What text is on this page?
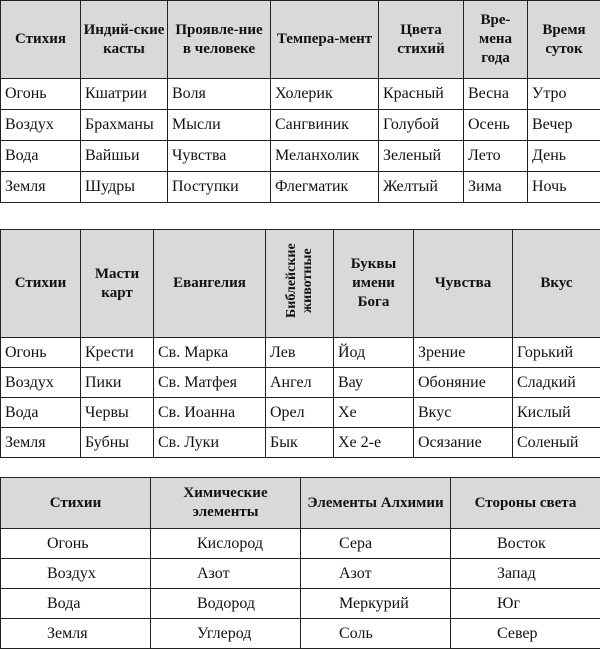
Стихия	Индий-ские касты	Проявле-ние в человеке	Темпера-мент	Цвета стихий	Вре-мена года	Время суток
Огонь	Кшатрии	Воля	Холерик	Красный	Весна	Утро
Воздух	Брахманы	Мысли	Сангвиник	Голубой	Осень	Вечер
Вода	Вайшьи	Чувства	Меланхолик	Зеленый	Лето	День
Земля	Шудры	Поступки	Флегматик	Желтый	Зима	Ночь
Стихии	Масти карт	Евангелия	Библейские животные	Буквы имени Бога	Чувства	Вкус
Огонь	Крести	Св. Марка	Лев	Йод	Зрение	Горький
Воздух	Пики	Св. Матфея	Ангел	Вау	Обоняние	Сладкий
Вода	Червы	Св. Иоанна	Орел	Хе	Вкус	Кислый
Земля	Бубны	Св. Луки	Бык	Хе 2-е	Осязание	Соленый
Стихии	Химические элементы	Элементы Алхимии	Стороны света
Огонь	Кислород	Сера	Восток
Воздух	Азот	Азот	Запад
Вода	Водород	Меркурий	Юг
Земля	Углерод	Соль	Север
